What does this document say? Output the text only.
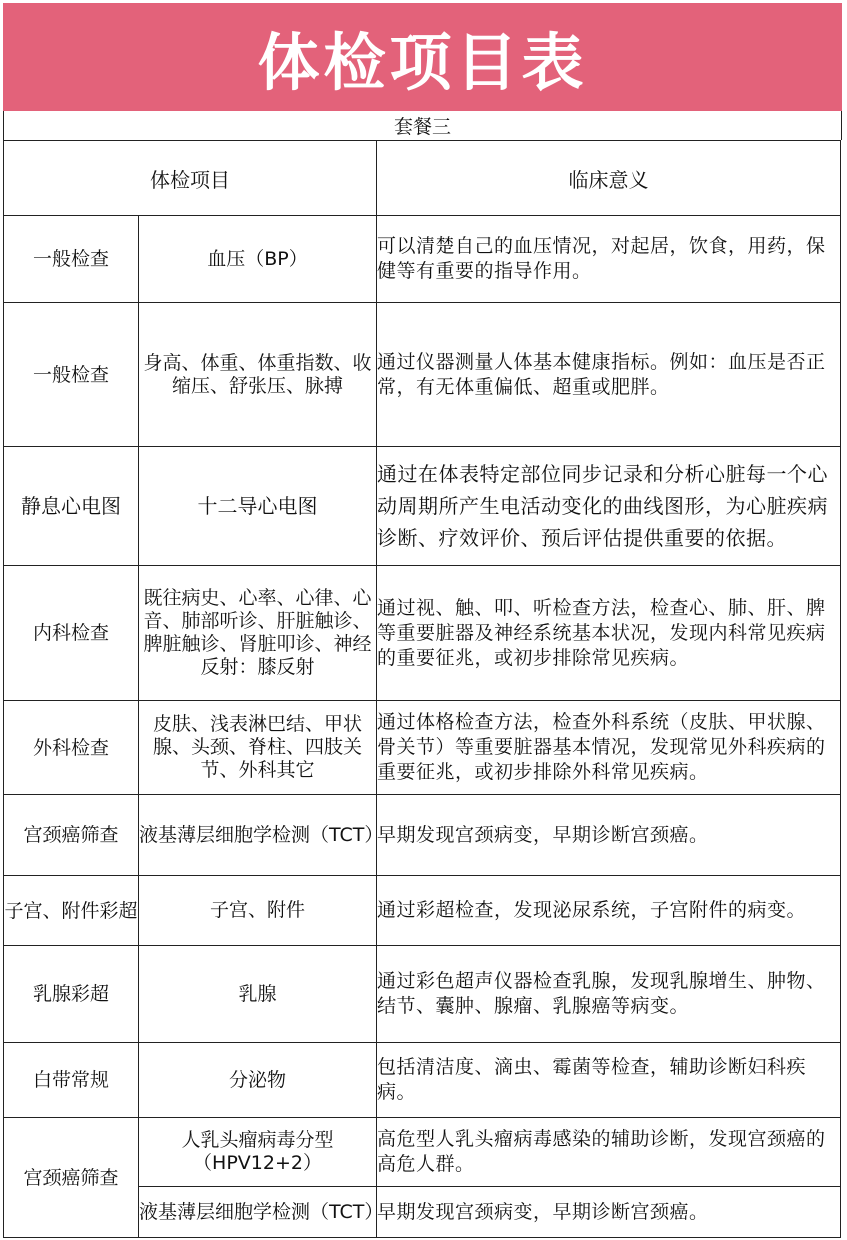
体检项目表
套餐三
体检项目		临床意义
一般检查	血压（BP）	可以清楚自己的血压情况，对起居，饮食，用药，保健等有重要的指导作用。
一般检查	身高、体重、体重指数、收缩压、舒张压、脉搏	通过仪器测量人体基本健康指标。例如：血压是否正常，有无体重偏低、超重或肥胖。
静息心电图	十二导心电图	通过在体表特定部位同步记录和分析心脏每一个心动周期所产生电活动变化的曲线图形，为心脏疾病诊断、疗效评价、预后评估提供重要的依据。
内科检查	既往病史、心率、心律、心音、肺部听诊、肝脏触诊、脾脏触诊、肾脏叩诊、神经反射：膝反射	通过视、触、叩、听检查方法，检查心、肺、肝、脾等重要脏器及神经系统基本状况，发现内科常见疾病的重要征兆，或初步排除常见疾病。
外科检查	皮肤、浅表淋巴结、甲状腺、头颈、脊柱、四肢关节、外科其它	通过体格检查方法，检查外科系统（皮肤、甲状腺、骨关节）等重要脏器基本情况，发现常见外科疾病的重要征兆，或初步排除外科常见疾病。
宫颈癌筛查	液基薄层细胞学检测（TCT）	早期发现宫颈病变，早期诊断宫颈癌。
子宫、附件彩超	子宫、附件	通过彩超检查，发现泌尿系统，子宫附件的病变。
乳腺彩超	乳腺	通过彩色超声仪器检查乳腺，发现乳腺增生、肿物、结节、囊肿、腺瘤、乳腺癌等病变。
白带常规	分泌物	包括清洁度、滴虫、霉菌等检查，辅助诊断妇科疾病。
宫颈癌筛查	人乳头瘤病毒分型（HPV12+2）	高危型人乳头瘤病毒感染的辅助诊断，发现宫颈癌的高危人群。
	液基薄层细胞学检测（TCT）	早期发现宫颈病变，早期诊断宫颈癌。
